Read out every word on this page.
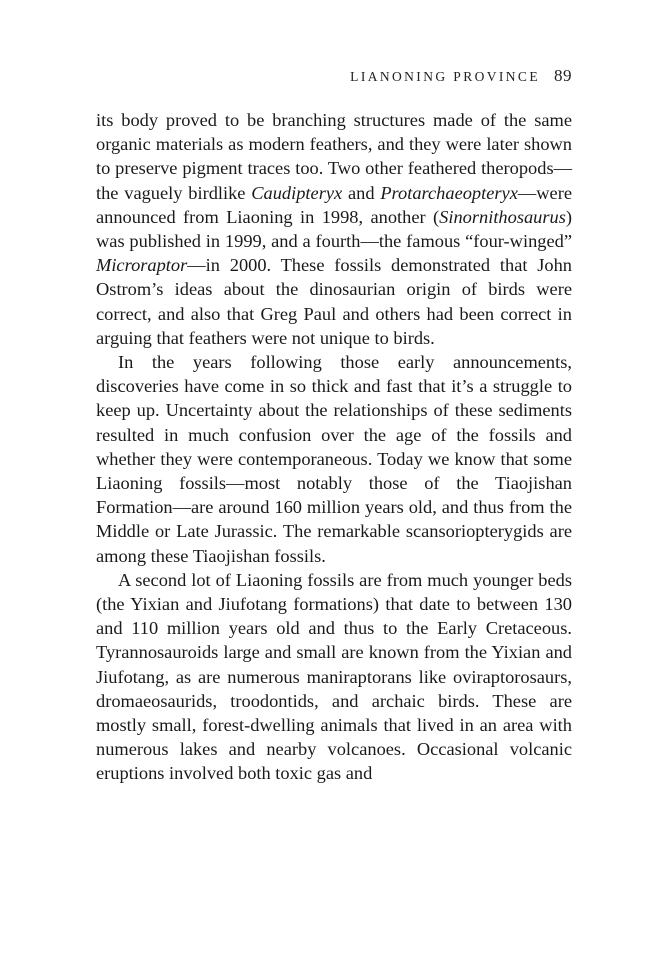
LIANONING PROVINCE 89

its body proved to be branching structures made of the same organic materials as modern feathers, and they were later shown to preserve pigment traces too. Two other feathered theropods—the vaguely birdlike Caudipteryx and Protarchaeopteryx—were announced from Liaoning in 1998, another (Sinornithosaurus) was published in 1999, and a fourth—the famous “four-winged” Microraptor—in 2000. These fossils demonstrated that John Ostrom’s ideas about the dinosaurian origin of birds were correct, and also that Greg Paul and others had been correct in arguing that feathers were not unique to birds.

In the years following those early announcements, discoveries have come in so thick and fast that it’s a struggle to keep up. Uncertainty about the relationships of these sediments resulted in much confusion over the age of the fossils and whether they were contemporaneous. Today we know that some Liaoning fossils—most notably those of the Tiaojishan Formation—are around 160 million years old, and thus from the Middle or Late Jurassic. The remarkable scansoriopterygids are among these Tiaojishan fossils.

A second lot of Liaoning fossils are from much younger beds (the Yixian and Jiufotang formations) that date to between 130 and 110 million years old and thus to the Early Cretaceous. Tyrannosauroids large and small are known from the Yixian and Jiufotang, as are numerous maniraptorans like oviraptorosaurs, dromaeosaurids, troodontids, and archaic birds. These are mostly small, forest-dwelling animals that lived in an area with numerous lakes and nearby volcanoes. Occasional volcanic eruptions involved both toxic gas and
